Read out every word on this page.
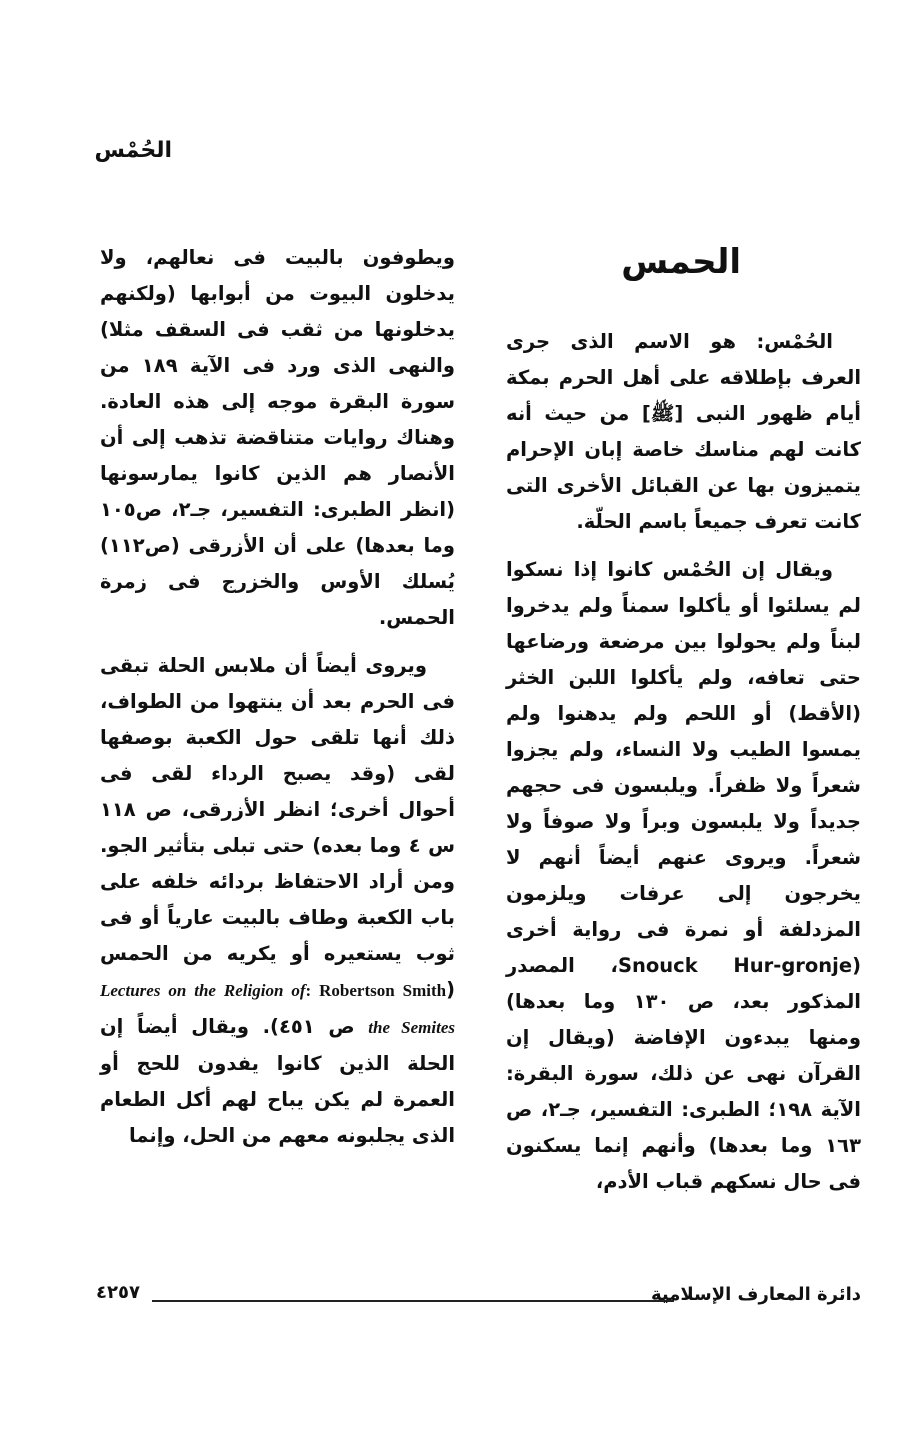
الحُمْس
الحمس

الحُمْس: هو الاسم الذى جرى العرف بإطلاقه على أهل الحرم بمكة أيام ظهور النبى [ﷺ] من حيث أنه كانت لهم مناسك خاصة إبان الإحرام يتميزون بها عن القبائل الأخرى التى كانت تعرف جميعاً باسم الحلّة.

ويقال إن الحُمْس كانوا إذا نسكوا لم يسلئوا أو يأكلوا سمناً ولم يدخروا لبناً ولم يحولوا بين مرضعة ورضاعها حتى تعافه، ولم يأكلوا اللبن الخثر (الأقط) أو اللحم ولم يدهنوا ولم يمسوا الطيب ولا النساء، ولم يجزوا شعراً ولا ظفراً. ويلبسون فى حجهم جديداً ولا يلبسون وبراً ولا صوفاً ولا شعراً. ويروى عنهم أيضاً أنهم لا يخرجون إلى عرفات ويلزمون المزدلفة أو نمرة فى رواية أخرى (Snouck Hur-gronje، المصدر المذكور بعد، ص ١٣٠ وما بعدها) ومنها يبدءون الإفاضة (ويقال إن القرآن نهى عن ذلك، سورة البقرة: الآية ١٩٨؛ الطبرى: التفسير، جـ٢، ص ١٦٣ وما بعدها) وأنهم إنما يسكنون فى حال نسكهم قباب الأدم،

ويطوفون بالبيت فى نعالهم، ولا يدخلون البيوت من أبوابها (ولكنهم يدخلونها من ثقب فى السقف مثلا) والنهى الذى ورد فى الآية ١٨٩ من سورة البقرة موجه إلى هذه العادة. وهناك روايات متناقضة تذهب إلى أن الأنصار هم الذين كانوا يمارسونها (انظر الطبرى: التفسير، جـ٢، ص١٠٥ وما بعدها) على أن الأزرقى (ص١١٢) يُسلك الأوس والخزرج فى زمرة الحمس.

ويروى أيضاً أن ملابس الحلة تبقى فى الحرم بعد أن ينتهوا من الطواف، ذلك أنها تلقى حول الكعبة بوصفها لقى (وقد يصبح الرداء لقى فى أحوال أخرى؛ انظر الأزرقى، ص ١١٨ س ٤ وما بعده) حتى تبلى بتأثير الجو. ومن أراد الاحتفاظ بردائه خلفه على باب الكعبة وطاف بالبيت عارياً أو فى ثوب يستعيره أو يكريه من الحمس (Robertson Smith: Lectures on the Religion of the Semites ص ٤٥١). ويقال أيضاً إن الحلة الذين كانوا يفدون للحج أو العمرة لم يكن يباح لهم أكل الطعام الذى يجلبونه معهم من الحل، وإنما

٤٢٥٧	دائرة المعارف الإسلامية
